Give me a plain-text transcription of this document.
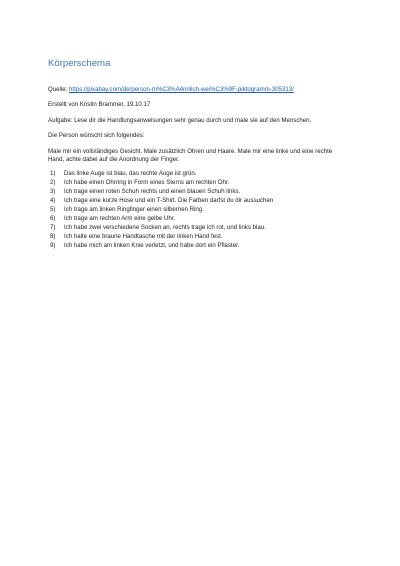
Körperschema

Quelle: https://pixabay.com/de/person-m%C3%A4nnlich-wei%C3%9F-piktogramm-305313/

Erstellt von Kristin Brammer, 19.10.17

Aufgabe: Lese dir die Handlungsanweisungen sehr genau durch und male sie auf den Menschen.

Die Person wünscht sich folgendes:

Male mir ein vollständiges Gesicht. Male zusätzlich Ohren und Haare. Male mir eine linke und eine rechte Hand, achte dabei auf die Anordnung der Finger.

1)	Das linke Auge ist blau, das rechte Auge ist grün.
2)	Ich habe einen Ohrring in Form eines Sterns am rechten Ohr.
3)	Ich trage einen roten Schuh rechts und einen blauen Schuh links.
4)	Ich trage eine kurze Hose und ein T-Shirt. Die Farben darfst du dir aussuchen
5)	Ich trage am linken Ringfinger einen silbernen Ring.
6)	Ich trage am rechten Arm eine gelbe Uhr.
7)	Ich habe zwei verschiedene Socken an, rechts trage ich rot, und links blau.
8)	Ich halte eine braune Handtasche mit der linken Hand fest.
9)	Ich habe mich am linken Knie verletzt, und habe dort ein Pflaster.
